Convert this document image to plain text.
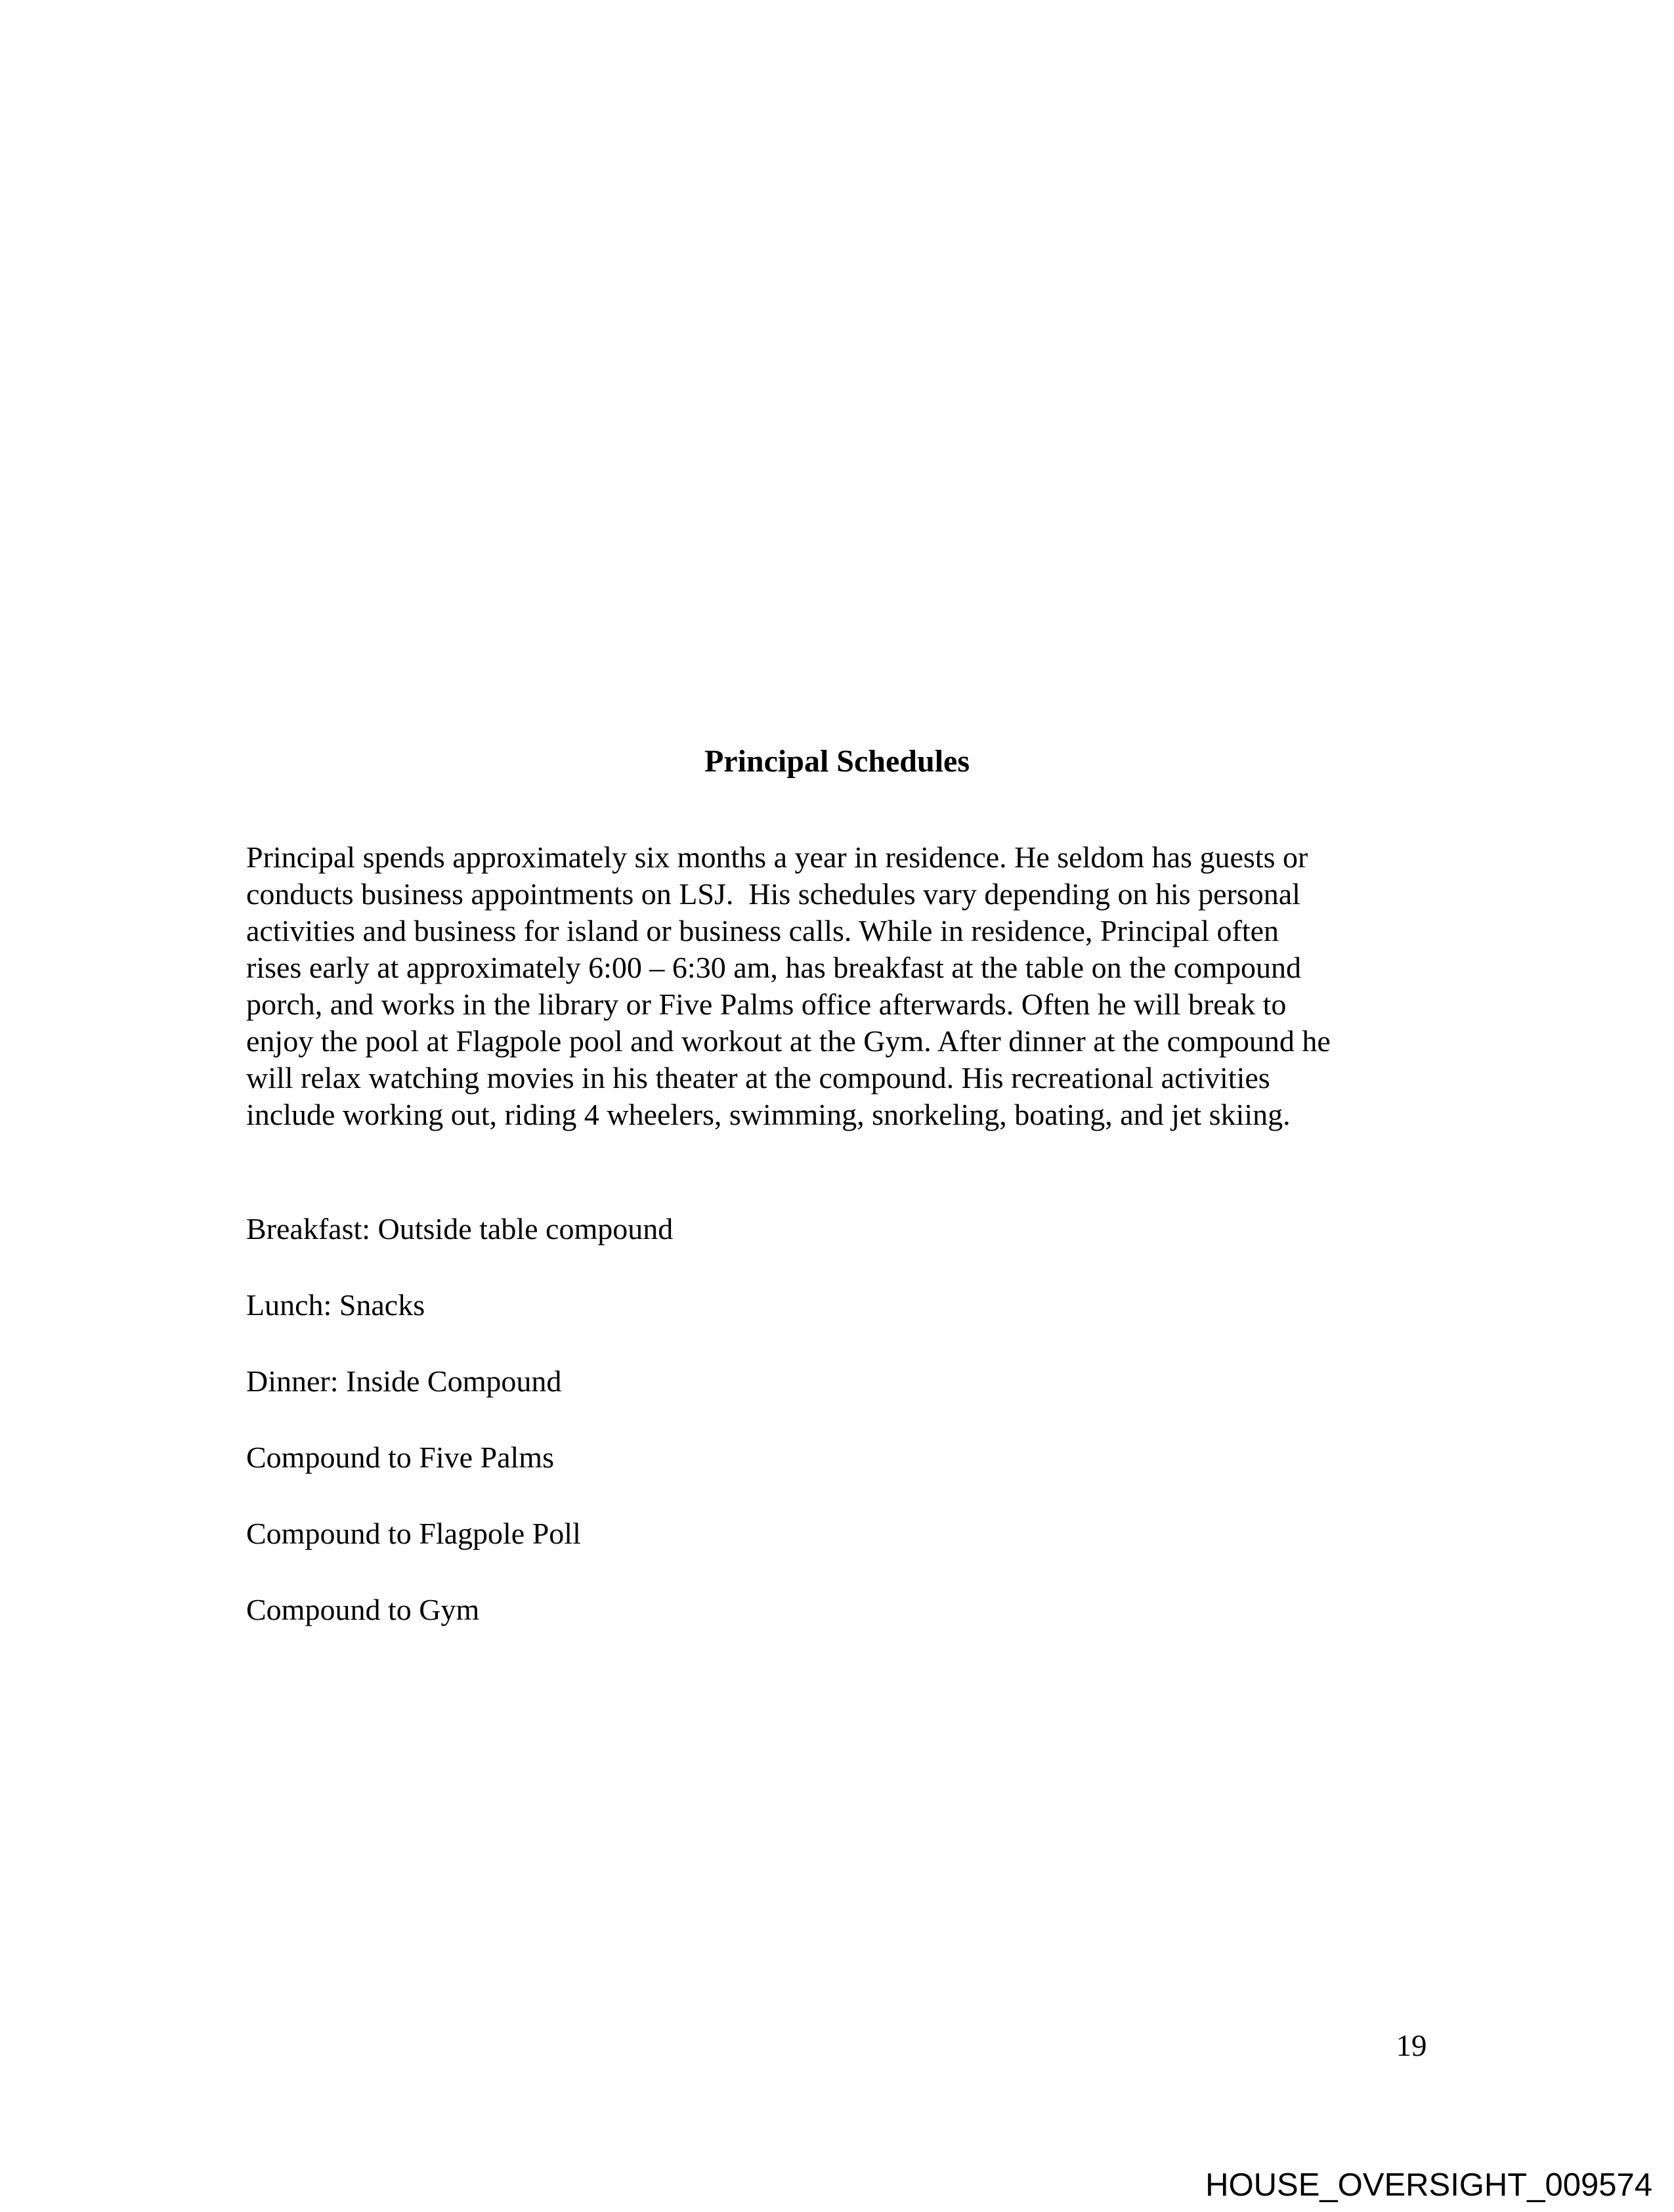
Principal Schedules
Principal spends approximately six months a year in residence. He seldom has guests or
conducts business appointments on LSJ.  His schedules vary depending on his personal
activities and business for island or business calls. While in residence, Principal often
rises early at approximately 6:00 – 6:30 am, has breakfast at the table on the compound
porch, and works in the library or Five Palms office afterwards. Often he will break to
enjoy the pool at Flagpole pool and workout at the Gym. After dinner at the compound he
will relax watching movies in his theater at the compound. His recreational activities
include working out, riding 4 wheelers, swimming, snorkeling, boating, and jet skiing.
Breakfast: Outside table compound
Lunch: Snacks
Dinner: Inside Compound
Compound to Five Palms
Compound to Flagpole Poll
Compound to Gym
19
HOUSE_OVERSIGHT_009574
